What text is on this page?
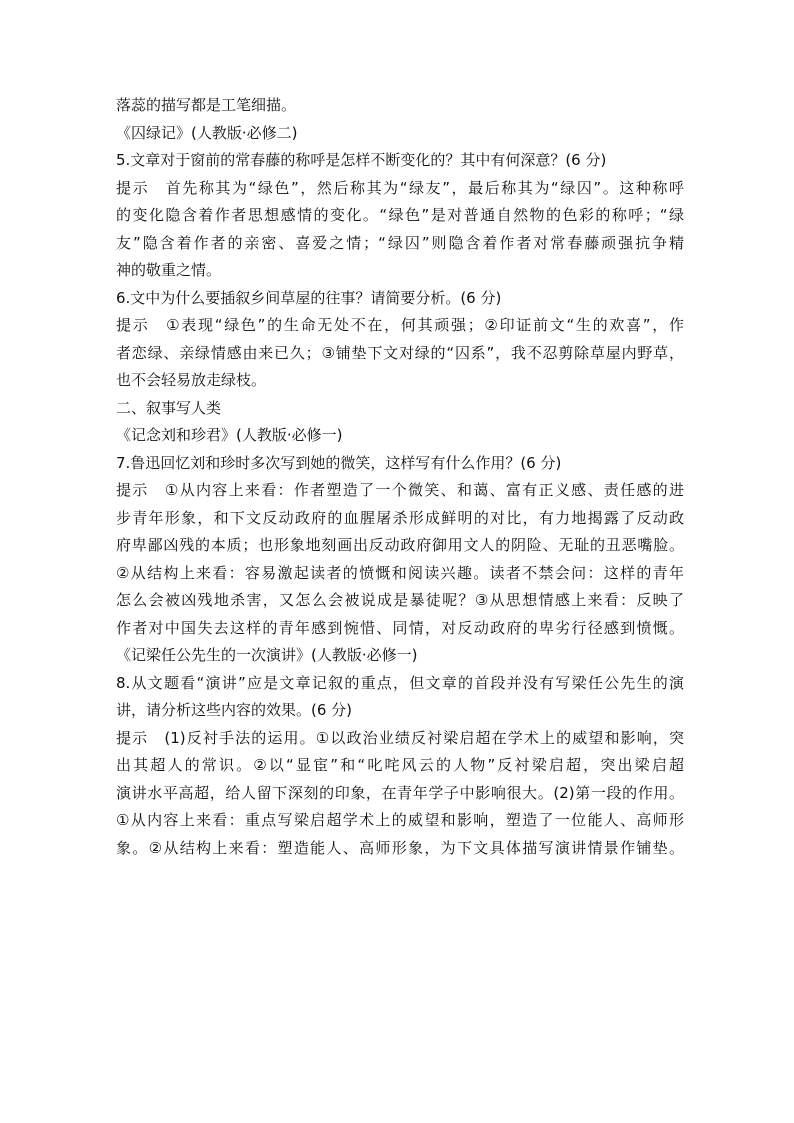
落蕊的描写都是工笔细描。
《囚绿记》(人教版·必修二)
5.文章对于窗前的常春藤的称呼是怎样不断变化的？其中有何深意？(6 分)
提示　首先称其为“绿色”，然后称其为“绿友”，最后称其为“绿囚”。这种称呼
的变化隐含着作者思想感情的变化。“绿色”是对普通自然物的色彩的称呼；“绿
友”隐含着作者的亲密、喜爱之情；“绿囚”则隐含着作者对常春藤顽强抗争精
神的敬重之情。
6.文中为什么要插叙乡间草屋的往事？请简要分析。(6 分)
提示　①表现“绿色”的生命无处不在，何其顽强；②印证前文“生的欢喜”，作
者恋绿、亲绿情感由来已久；③铺垫下文对绿的“囚系”，我不忍剪除草屋内野草，
也不会轻易放走绿枝。
二、叙事写人类
《记念刘和珍君》(人教版·必修一)
7.鲁迅回忆刘和珍时多次写到她的微笑，这样写有什么作用？(6 分)
提示　①从内容上来看：作者塑造了一个微笑、和蔼、富有正义感、责任感的进
步青年形象，和下文反动政府的血腥屠杀形成鲜明的对比，有力地揭露了反动政
府卑鄙凶残的本质；也形象地刻画出反动政府御用文人的阴险、无耻的丑恶嘴脸。
②从结构上来看：容易激起读者的愤慨和阅读兴趣。读者不禁会问：这样的青年
怎么会被凶残地杀害，又怎么会被说成是暴徒呢？③从思想情感上来看：反映了
作者对中国失去这样的青年感到惋惜、同情，对反动政府的卑劣行径感到愤慨。
《记梁任公先生的一次演讲》(人教版·必修一)
8.从文题看“演讲”应是文章记叙的重点，但文章的首段并没有写梁任公先生的演
讲，请分析这些内容的效果。(6 分)
提示　(1)反衬手法的运用。①以政治业绩反衬梁启超在学术上的威望和影响，突
出其超人的常识。②以“显宦”和“叱咤风云的人物”反衬梁启超，突出梁启超
演讲水平高超，给人留下深刻的印象，在青年学子中影响很大。(2)第一段的作用。
①从内容上来看：重点写梁启超学术上的威望和影响，塑造了一位能人、高师形
象。②从结构上来看：塑造能人、高师形象，为下文具体描写演讲情景作铺垫。
